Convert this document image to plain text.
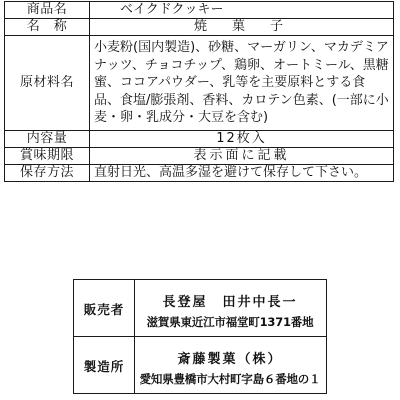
商品名	ベイクドクッキー
名　称	焼　菓　子
原材料名	小麦粉(国内製造)、砂糖、マーガリン、マカデミアナッツ、チョコチップ、鶏卵、オートミール、黒糖蜜、ココアパウダー、乳等を主要原料とする食品、食塩/膨張剤、香料、カロテン色素、(一部に小麦・卵・乳成分・大豆を含む)
内容量	12枚入
賞味期限	表示面に記載
保存方法	直射日光、高温多湿を避けて保存して下さい。
販売者	長登屋　田井中長一
滋賀県東近江市福堂町1371番地
製造所	斎藤製菓（株）
愛知県豊橋市大村町字島６番地の１
